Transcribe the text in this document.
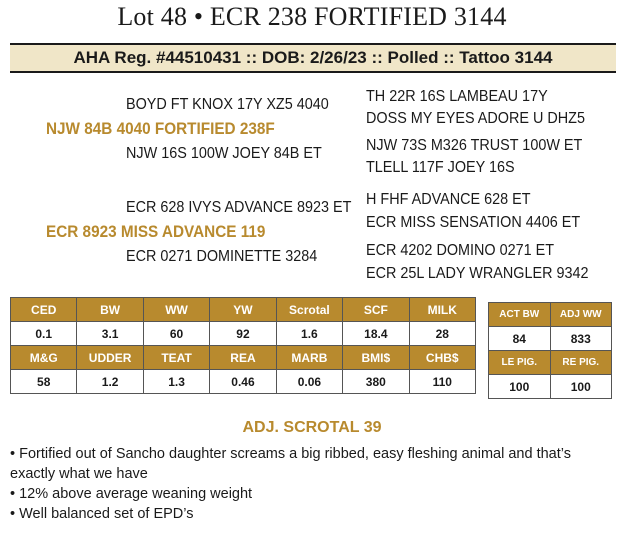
Lot 48 • ECR 238 FORTIFIED 3144
AHA Reg. #44510431 :: DOB: 2/26/23 :: Polled :: Tattoo 3144
BOYD FT KNOX 17Y XZ5 4040
NJW 84B 4040 FORTIFIED 238F
NJW 16S 100W JOEY 84B ET
ECR 628 IVYS ADVANCE 8923 ET
ECR 8923 MISS ADVANCE 119
ECR 0271 DOMINETTE 3284
TH 22R 16S LAMBEAU 17Y
DOSS MY EYES ADORE U DHZ5
NJW 73S M326 TRUST 100W ET
TLELL 117F JOEY 16S
H FHF ADVANCE 628 ET
ECR MISS SENSATION 4406 ET
ECR 4202 DOMINO 0271 ET
ECR 25L LADY WRANGLER 9342
CED	BW	WW	YW	Scrotal	SCF	MILK
0.1	3.1	60	92	1.6	18.4	28
M&G	UDDER	TEAT	REA	MARB	BMI$	CHB$
58	1.2	1.3	0.46	0.06	380	110
ACT BW	ADJ WW
84	833
LE PIG.	RE PIG.
100	100
ADJ. SCROTAL 39
• Fortified out of Sancho daughter screams a big ribbed, easy fleshing animal and that’s exactly what we have
• 12% above average weaning weight
• Well balanced set of EPD’s
